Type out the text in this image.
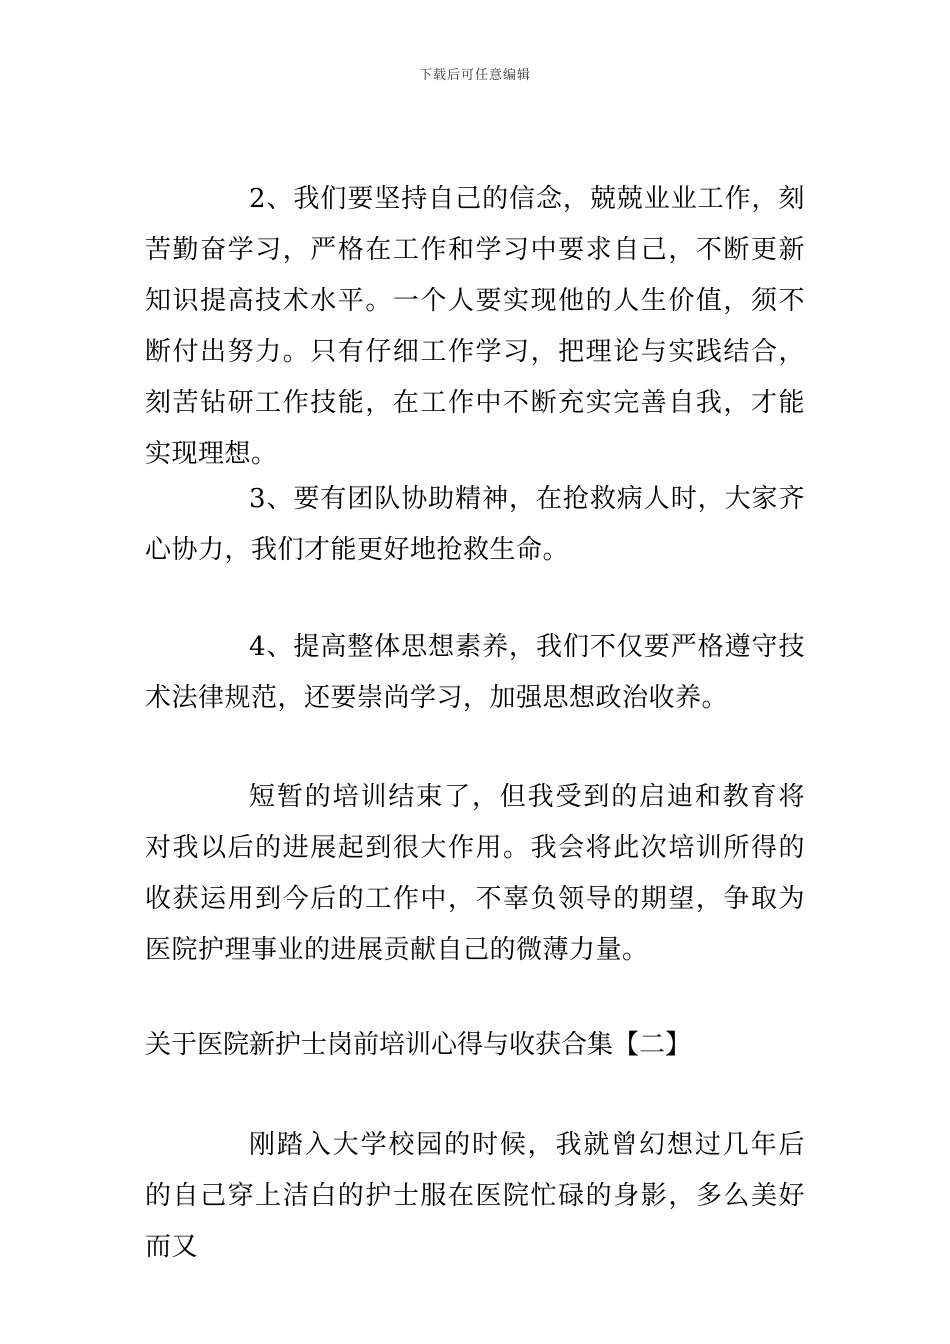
下载后可任意编辑

2、我们要坚持自己的信念，兢兢业业工作，刻苦勤奋学习，严格在工作和学习中要求自己，不断更新知识提高技术水平。一个人要实现他的人生价值，须不断付出努力。只有仔细工作学习，把理论与实践结合，刻苦钻研工作技能，在工作中不断充实完善自我，才能实现理想。

3、要有团队协助精神，在抢救病人时，大家齐心协力，我们才能更好地抢救生命。

4、提高整体思想素养，我们不仅要严格遵守技术法律规范，还要崇尚学习，加强思想政治收养。

短暂的培训结束了，但我受到的启迪和教育将对我以后的进展起到很大作用。我会将此次培训所得的收获运用到今后的工作中，不辜负领导的期望，争取为医院护理事业的进展贡献自己的微薄力量。

关于医院新护士岗前培训心得与收获合集【二】

刚踏入大学校园的时候，我就曾幻想过几年后的自己穿上洁白的护士服在医院忙碌的身影，多么美好而又
